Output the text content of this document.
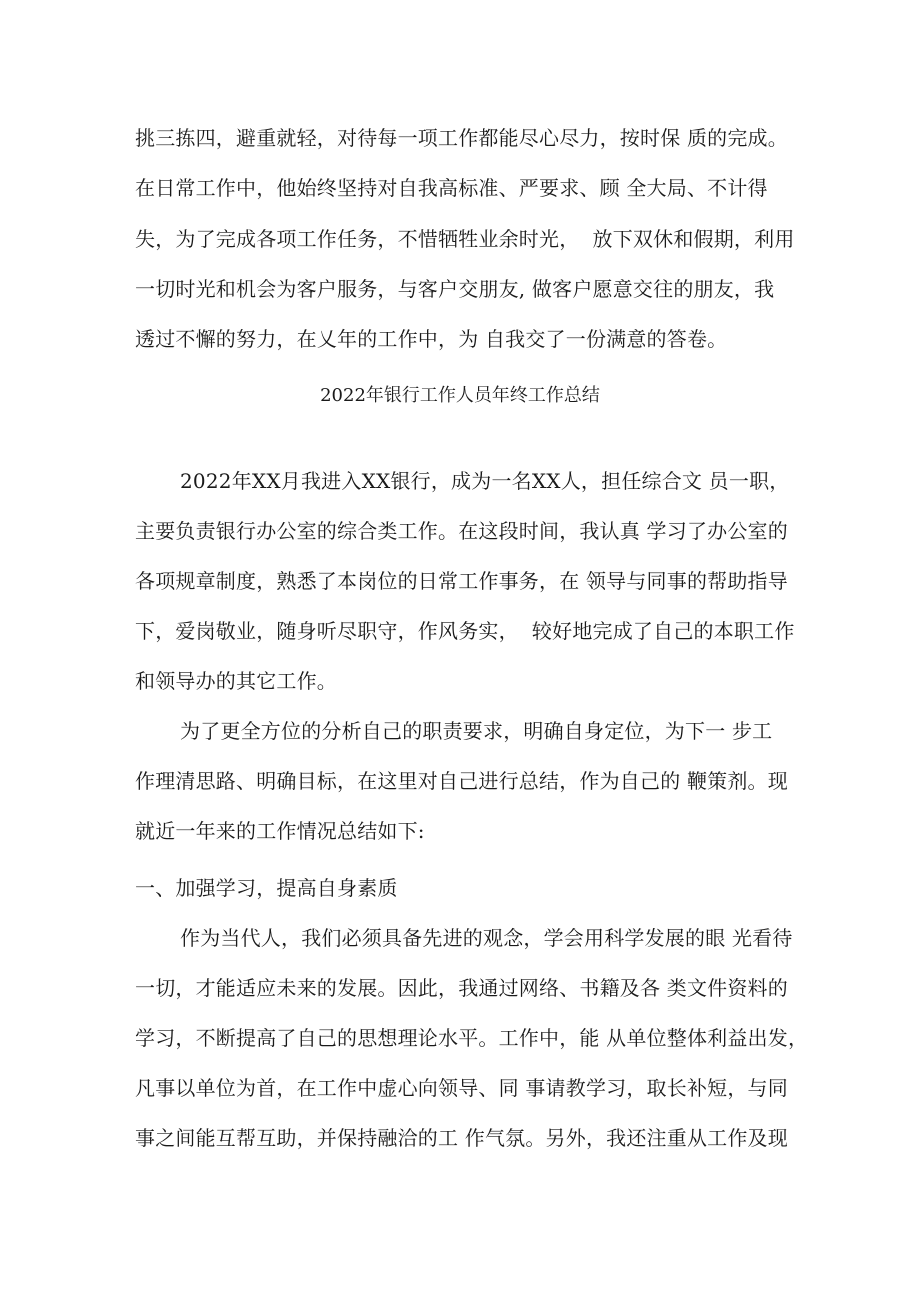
挑三拣四，避重就轻，对待每一项工作都能尽心尽力，按时保 质的完成。
在日常工作中，他始终坚持对自我高标准、严要求、顾 全大局、不计得
失，为了完成各项工作任务，不惜牺牲业余时光，  放下双休和假期，利用
一切时光和机会为客户服务，与客户交朋友, 做客户愿意交往的朋友，我
透过不懈的努力，在乂年的工作中，为 自我交了一份满意的答卷。
2022年银行工作人员年终工作总结
2022年XX月我进入XX银行，成为一名XX人，担任综合文 员一职，
主要负责银行办公室的综合类工作。在这段时间，我认真 学习了办公室的
各项规章制度，熟悉了本岗位的日常工作事务，在 领导与同事的帮助指导
下，爱岗敬业，随身听尽职守，作风务实，  较好地完成了自己的本职工作
和领导办的其它工作。
为了更全方位的分析自己的职责要求，明确自身定位，为下一 步工
作理清思路、明确目标，在这里对自己进行总结，作为自己的 鞭策剂。现
就近一年来的工作情况总结如下:
一、加强学习，提高自身素质
作为当代人，我们必须具备先进的观念，学会用科学发展的眼 光看待
一切，才能适应未来的发展。因此，我通过网络、书籍及各 类文件资料的
学习，不断提高了自己的思想理论水平。工作中，能 从单位整体利益出发，
凡事以单位为首，在工作中虚心向领导、同 事请教学习，取长补短，与同
事之间能互帮互助，并保持融洽的工 作气氛。另外，我还注重从工作及现
